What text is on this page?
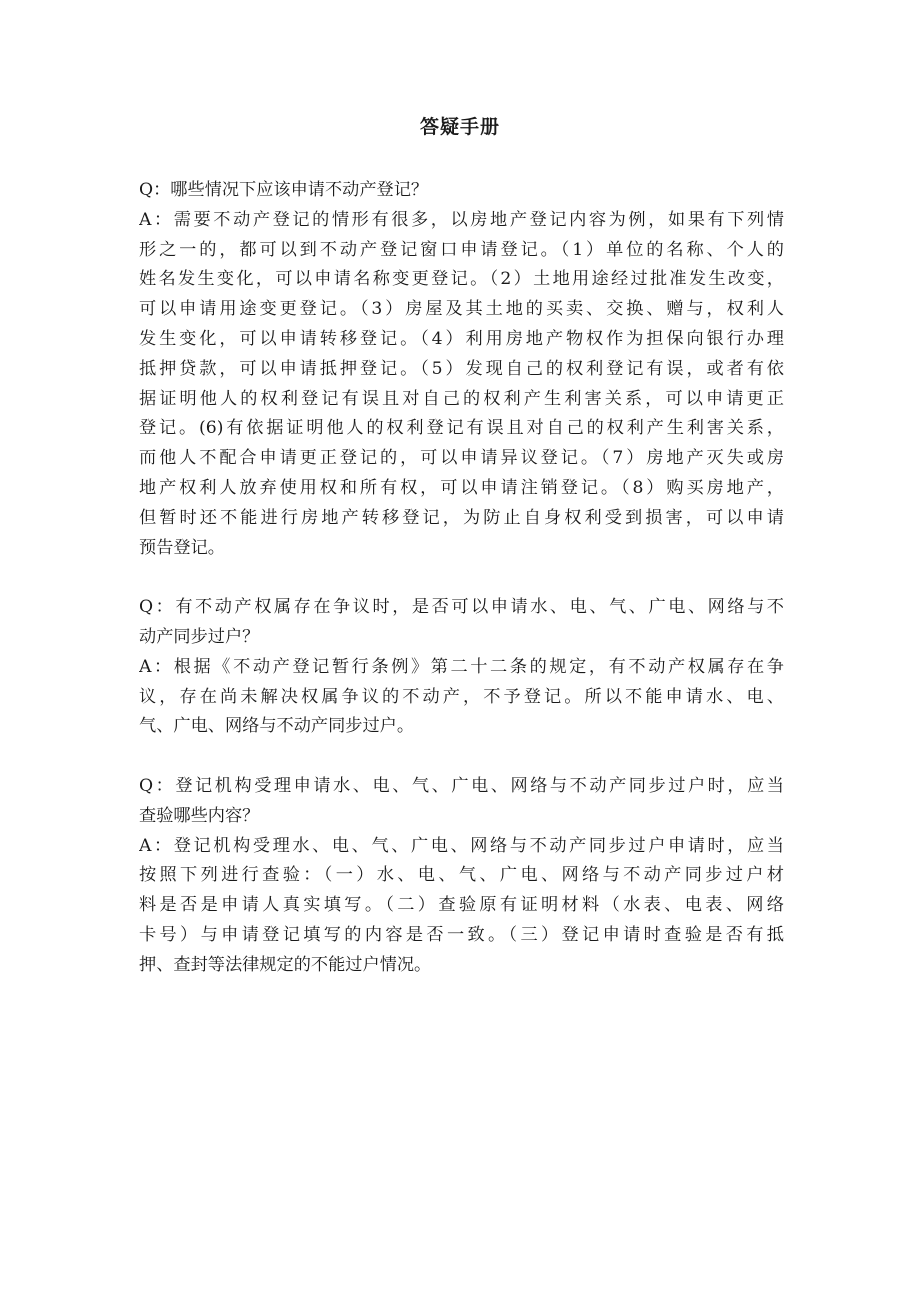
答疑手册
Q：哪些情况下应该申请不动产登记？
A：需要不动产登记的情形有很多，以房地产登记内容为例，如果有下列情
形之一的，都可以到不动产登记窗口申请登记。（1）单位的名称、个人的
姓名发生变化，可以申请名称变更登记。（2）土地用途经过批准发生改变，
可以申请用途变更登记。（3）房屋及其土地的买卖、交换、赠与，权利人
发生变化，可以申请转移登记。（4）利用房地产物权作为担保向银行办理
抵押贷款，可以申请抵押登记。（5）发现自己的权利登记有误，或者有依
据证明他人的权利登记有误且对自己的权利产生利害关系，可以申请更正
登记。(6)有依据证明他人的权利登记有误且对自己的权利产生利害关系，
而他人不配合申请更正登记的，可以申请异议登记。（7）房地产灭失或房
地产权利人放弃使用权和所有权，可以申请注销登记。（8）购买房地产，
但暂时还不能进行房地产转移登记，为防止自身权利受到损害，可以申请
预告登记。
Q：有不动产权属存在争议时，是否可以申请水、电、气、广电、网络与不
动产同步过户？
A：根据《不动产登记暂行条例》第二十二条的规定，有不动产权属存在争
议，存在尚未解决权属争议的不动产，不予登记。所以不能申请水、电、
气、广电、网络与不动产同步过户。
Q：登记机构受理申请水、电、气、广电、网络与不动产同步过户时，应当
查验哪些内容？
A：登记机构受理水、电、气、广电、网络与不动产同步过户申请时，应当
按照下列进行查验：（一）水、电、气、广电、网络与不动产同步过户材
料是否是申请人真实填写。（二）查验原有证明材料（水表、电表、网络
卡号）与申请登记填写的内容是否一致。（三）登记申请时查验是否有抵
押、查封等法律规定的不能过户情况。
